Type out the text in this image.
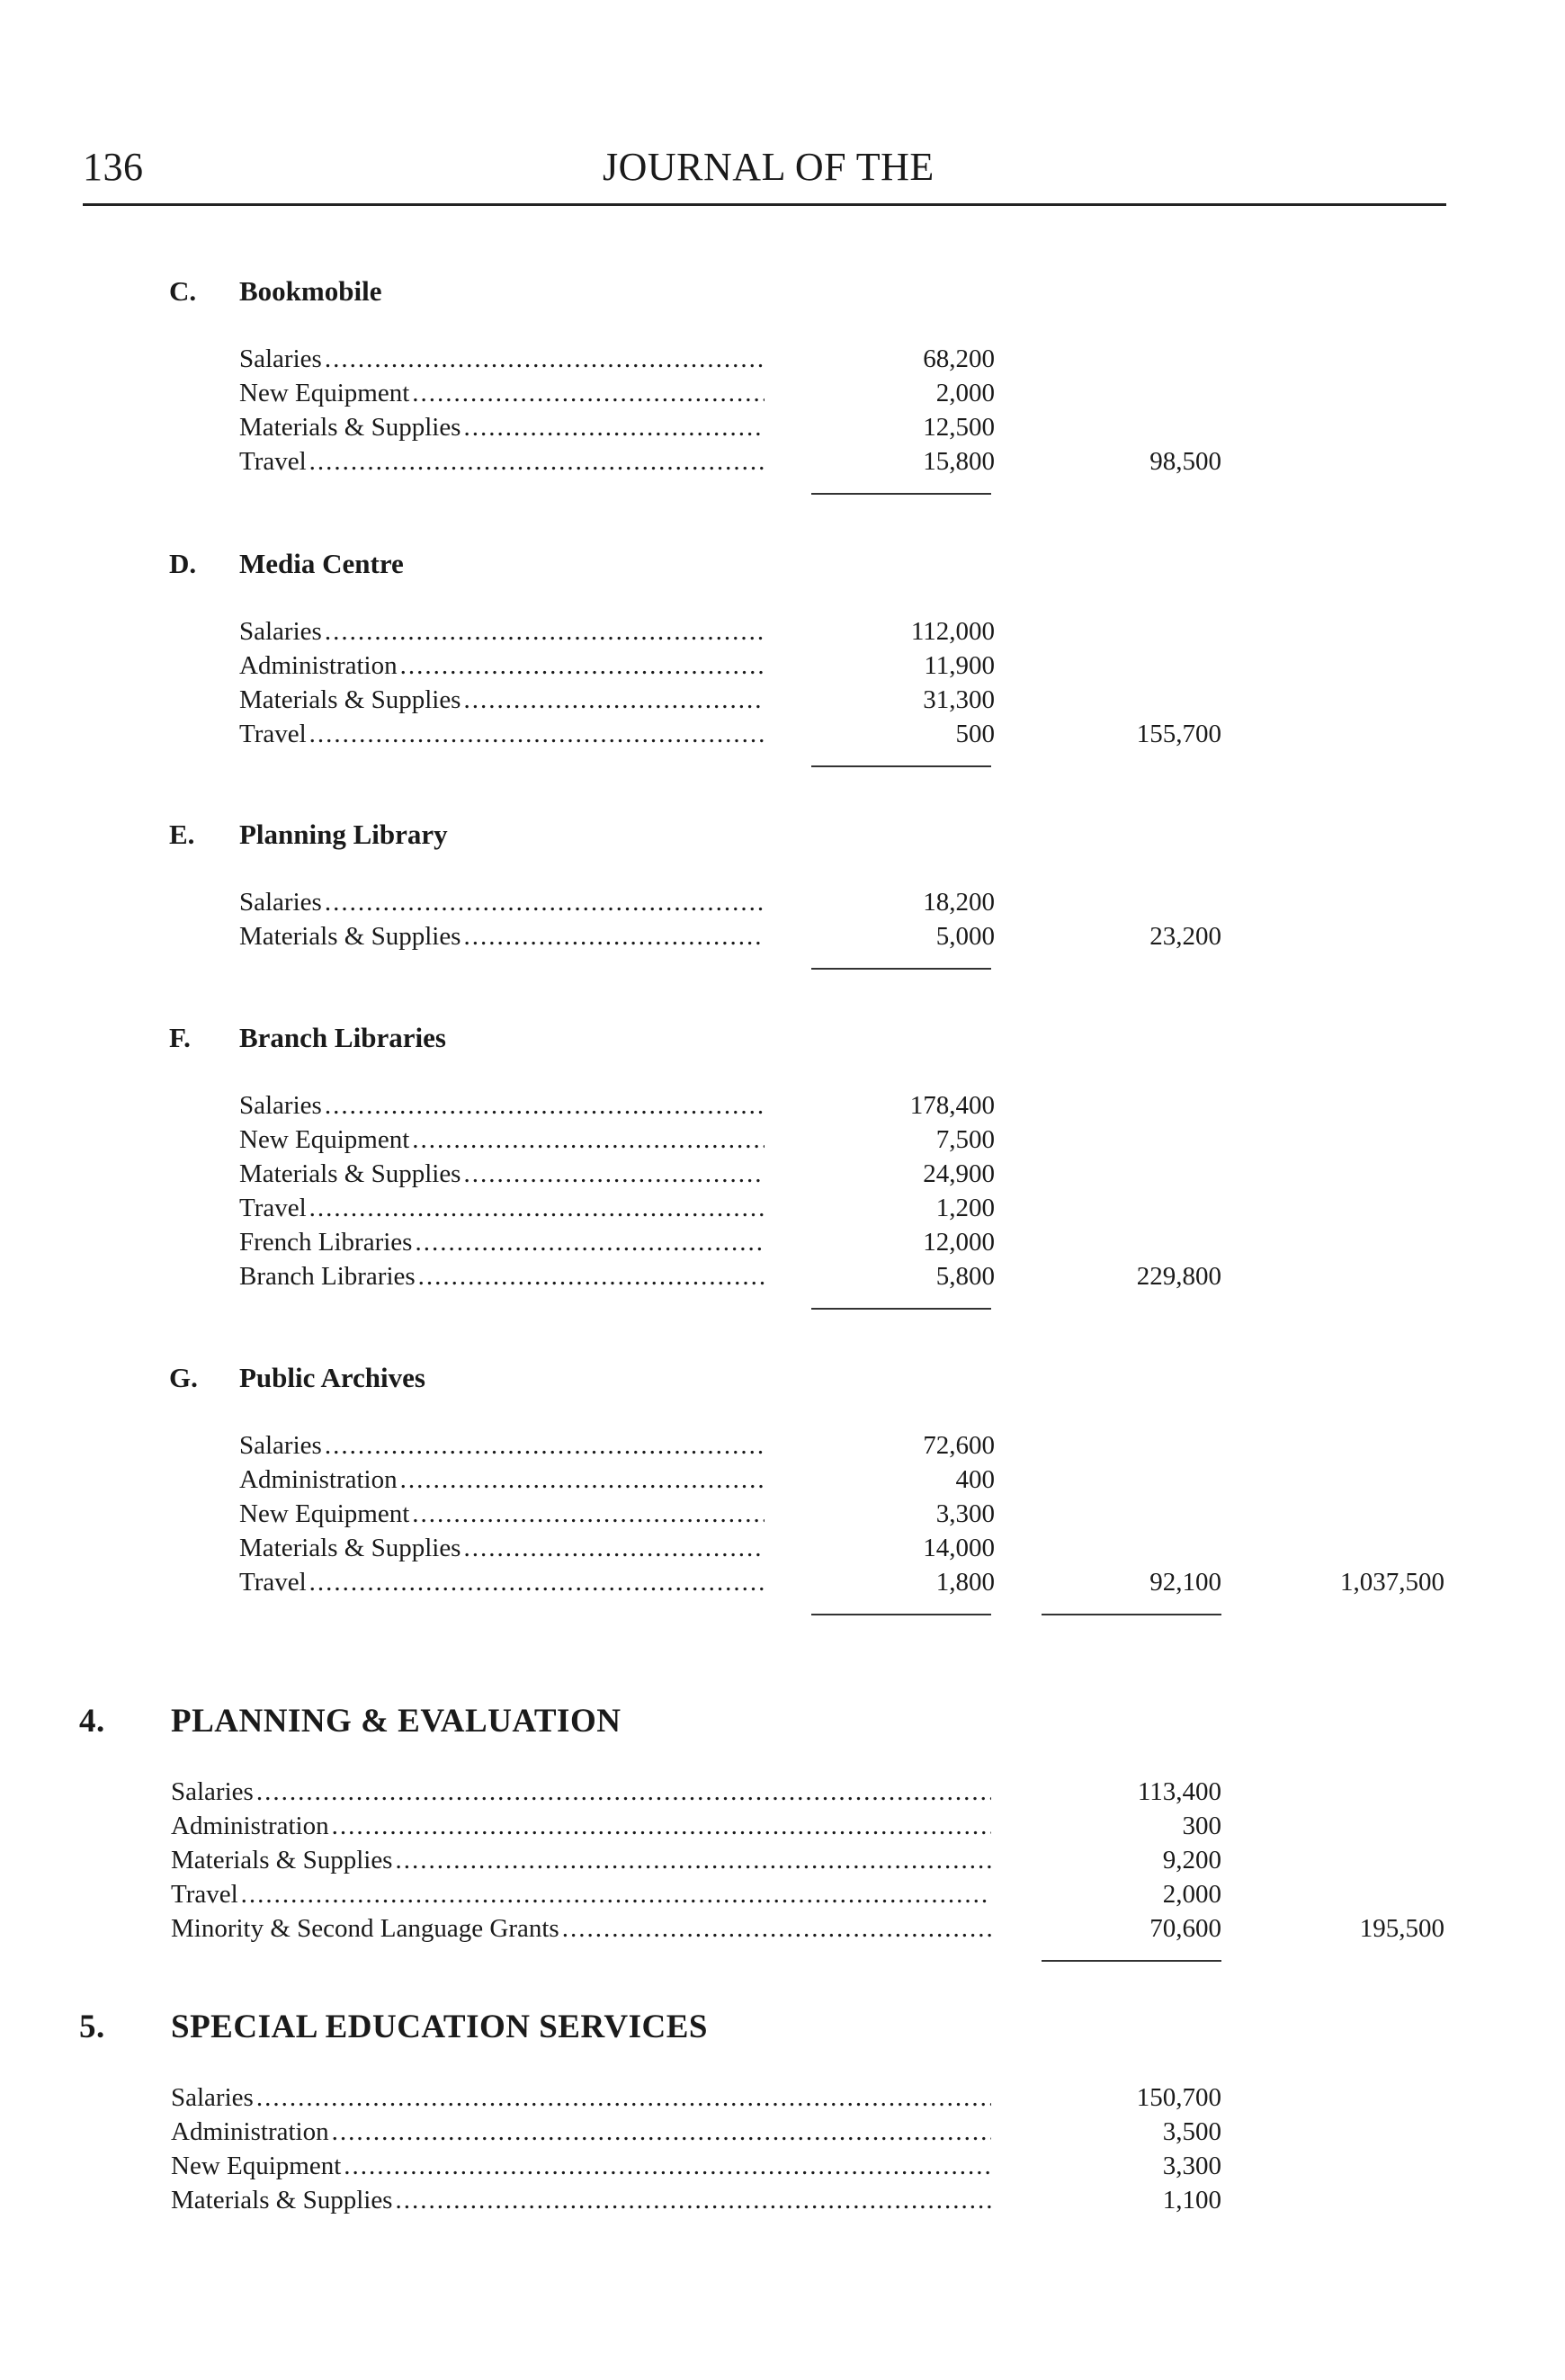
136	JOURNAL OF THE
C. Bookmobile
Salaries .....	68,200
New Equipment .....	2,000
Materials & Supplies .....	12,500
Travel .....	15,800	98,500
D. Media Centre
Salaries .....	112,000
Administration .....	11,900
Materials & Supplies .....	31,300
Travel .....	500	155,700
E. Planning Library
Salaries .....	18,200
Materials & Supplies .....	5,000	23,200
F. Branch Libraries
Salaries .....	178,400
New Equipment .....	7,500
Materials & Supplies .....	24,900
Travel .....	1,200
French Libraries .....	12,000
Branch Libraries .....	5,800	229,800
G. Public Archives
Salaries .....	72,600
Administration .....	400
New Equipment .....	3,300
Materials & Supplies .....	14,000
Travel .....	1,800	92,100	1,037,500
4. PLANNING & EVALUATION
Salaries .....	113,400
Administration .....	300
Materials & Supplies .....	9,200
Travel .....	2,000
Minority & Second Language Grants .....	70,600	195,500
5. SPECIAL EDUCATION SERVICES
Salaries .....	150,700
Administration .....	3,500
New Equipment .....	3,300
Materials & Supplies .....	1,100
